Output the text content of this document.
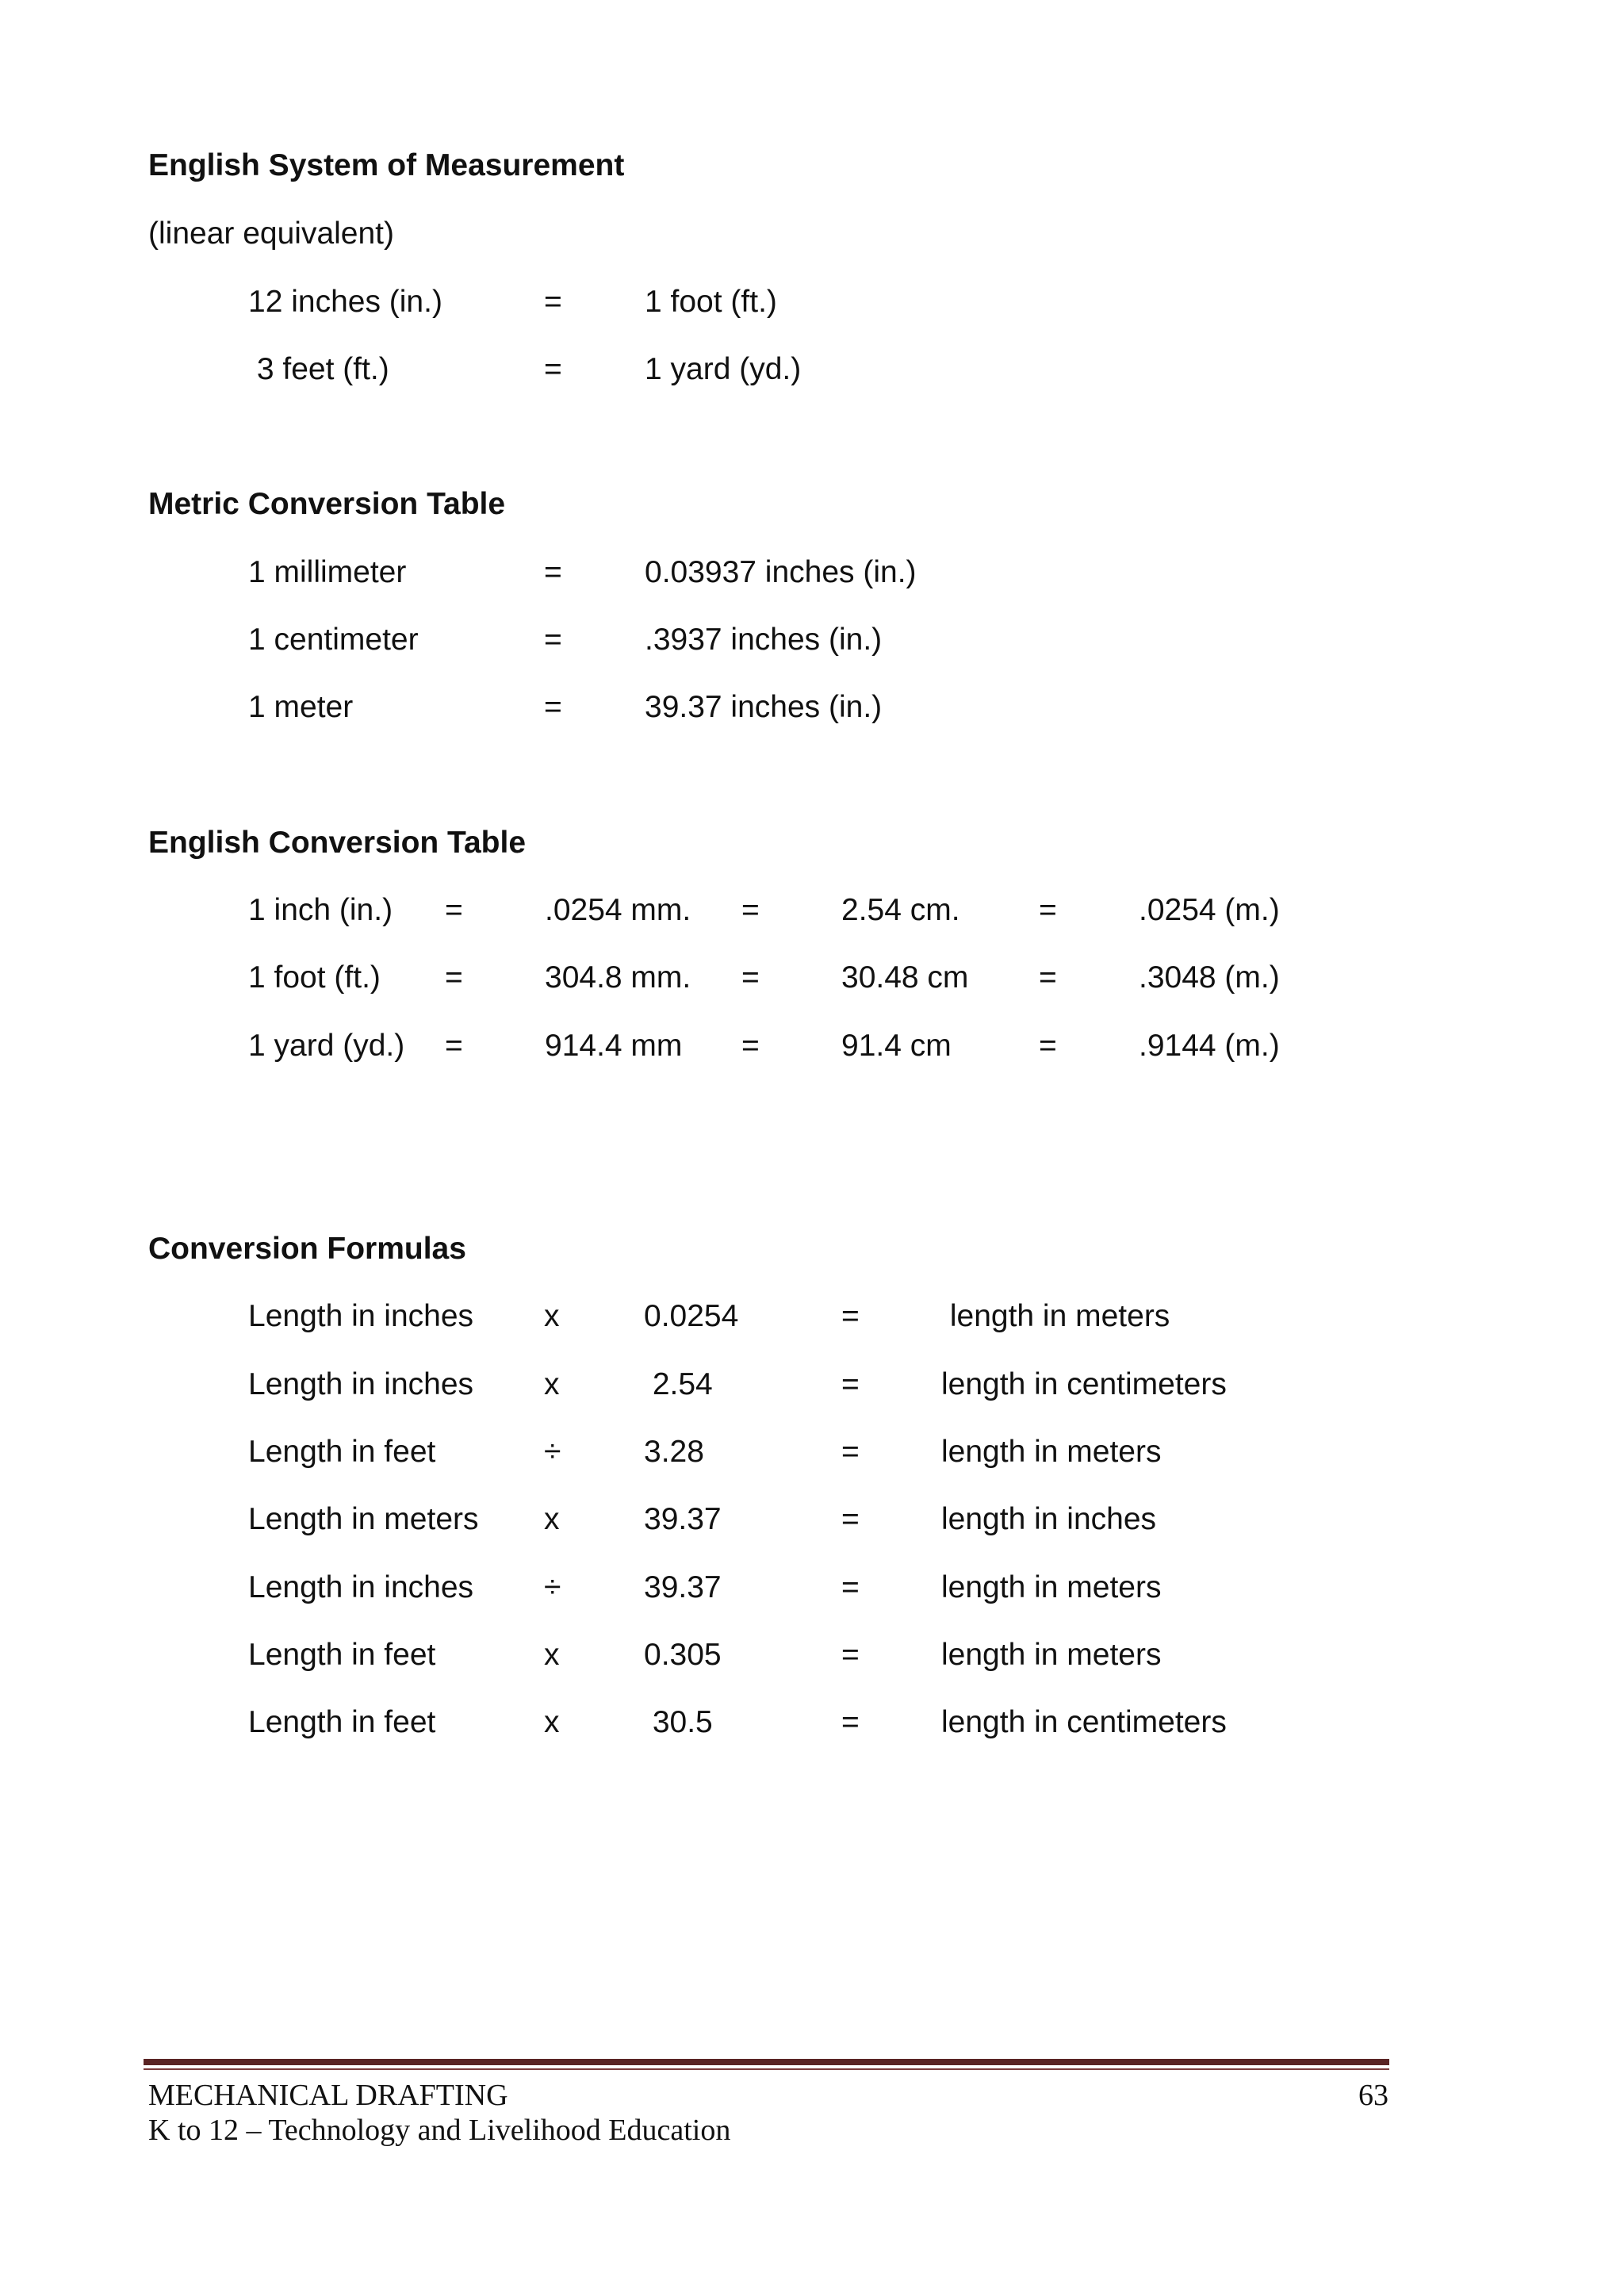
English System of Measurement
(linear equivalent)
12 inches (in.)	=	1 foot (ft.)
3 feet (ft.)	=	1 yard (yd.)
Metric Conversion Table
1 millimeter	=	0.03937 inches (in.)
1 centimeter	=	.3937 inches (in.)
1 meter	=	39.37 inches (in.)
English Conversion Table
1 inch (in.) =	.0254 mm. =	2.54 cm.	=	.0254 (m.)
1 foot (ft.) =	304.8 mm. =	30.48 cm =	.3048 (m.)
1 yard (yd.) =	914.4 mm =	91.4 cm	=	.9144 (m.)
Conversion Formulas
Length in inches x	0.0254	=	length in meters
Length in inches x	2.54	=	length in centimeters
Length in feet	÷	3.28	=	length in meters
Length in meters x	39.37	=	length in inches
Length in inches ÷	39.37	=	length in meters
Length in feet	x	0.305	=	length in meters
Length in feet	x	30.5	=	length in centimeters
MECHANICAL DRAFTING	63
K to 12 – Technology and Livelihood Education
